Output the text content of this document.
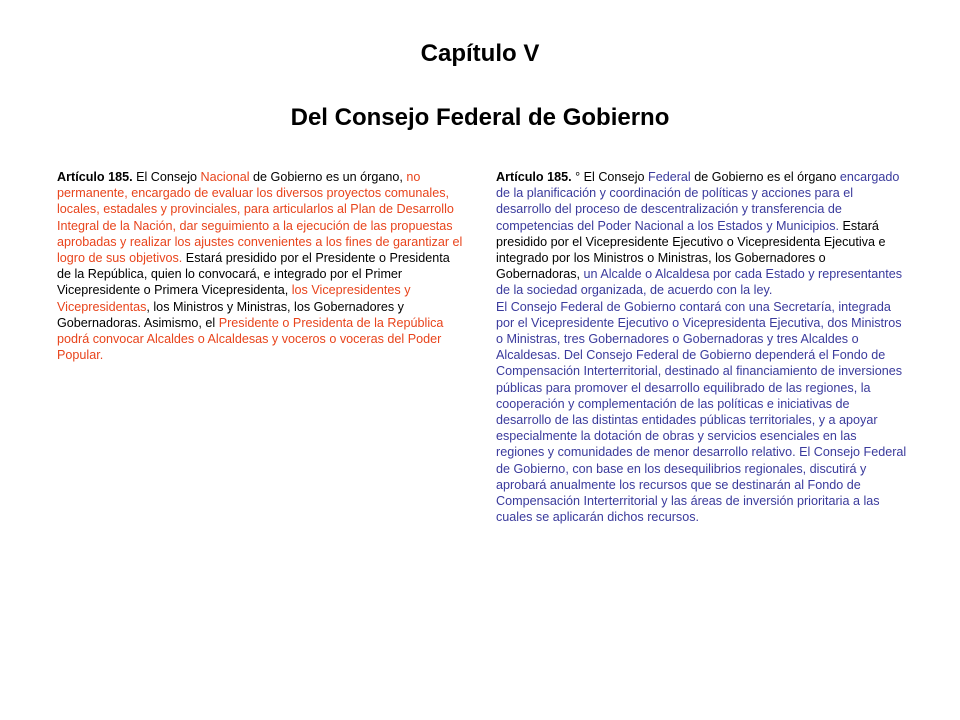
Capítulo V
Del Consejo Federal de Gobierno

Artículo 185. El Consejo Nacional de Gobierno es un órgano, no permanente, encargado de evaluar los diversos proyectos comunales, locales, estadales y provinciales, para articularlos al Plan de Desarrollo Integral de la Nación, dar seguimiento a la ejecución de las propuestas aprobadas y realizar los ajustes convenientes a los fines de garantizar el logro de sus objetivos. Estará presidido por el Presidente o Presidenta de la República, quien lo convocará, e integrado por el Primer Vicepresidente o Primera Vicepresidenta, los Vicepresidentes y Vicepresidentas, los Ministros y Ministras, los Gobernadores y Gobernadoras. Asimismo, el Presidente o Presidenta de la República podrá convocar Alcaldes o Alcaldesas y voceros o voceras del Poder Popular.

Artículo 185. ° El Consejo Federal de Gobierno es el órgano encargado de la planificación y coordinación de políticas y acciones para el desarrollo del proceso de descentralización y transferencia de competencias del Poder Nacional a los Estados y Municipios. Estará presidido por el Vicepresidente Ejecutivo o Vicepresidenta Ejecutiva e integrado por los Ministros o Ministras, los Gobernadores o Gobernadoras, un Alcalde o Alcaldesa por cada Estado y representantes de la sociedad organizada, de acuerdo con la ley.

El Consejo Federal de Gobierno contará con una Secretaría, integrada por el Vicepresidente Ejecutivo o Vicepresidenta Ejecutiva, dos Ministros o Ministras, tres Gobernadores o Gobernadoras y tres Alcaldes o Alcaldesas. Del Consejo Federal de Gobierno dependerá el Fondo de Compensación Interterritorial, destinado al financiamiento de inversiones públicas para promover el desarrollo equilibrado de las regiones, la cooperación y complementación de las políticas e iniciativas de desarrollo de las distintas entidades públicas territoriales, y a apoyar especialmente la dotación de obras y servicios esenciales en las regiones y comunidades de menor desarrollo relativo. El Consejo Federal de Gobierno, con base en los desequilibrios regionales, discutirá y aprobará anualmente los recursos que se destinarán al Fondo de Compensación Interterritorial y las áreas de inversión prioritaria a las cuales se aplicarán dichos recursos.
